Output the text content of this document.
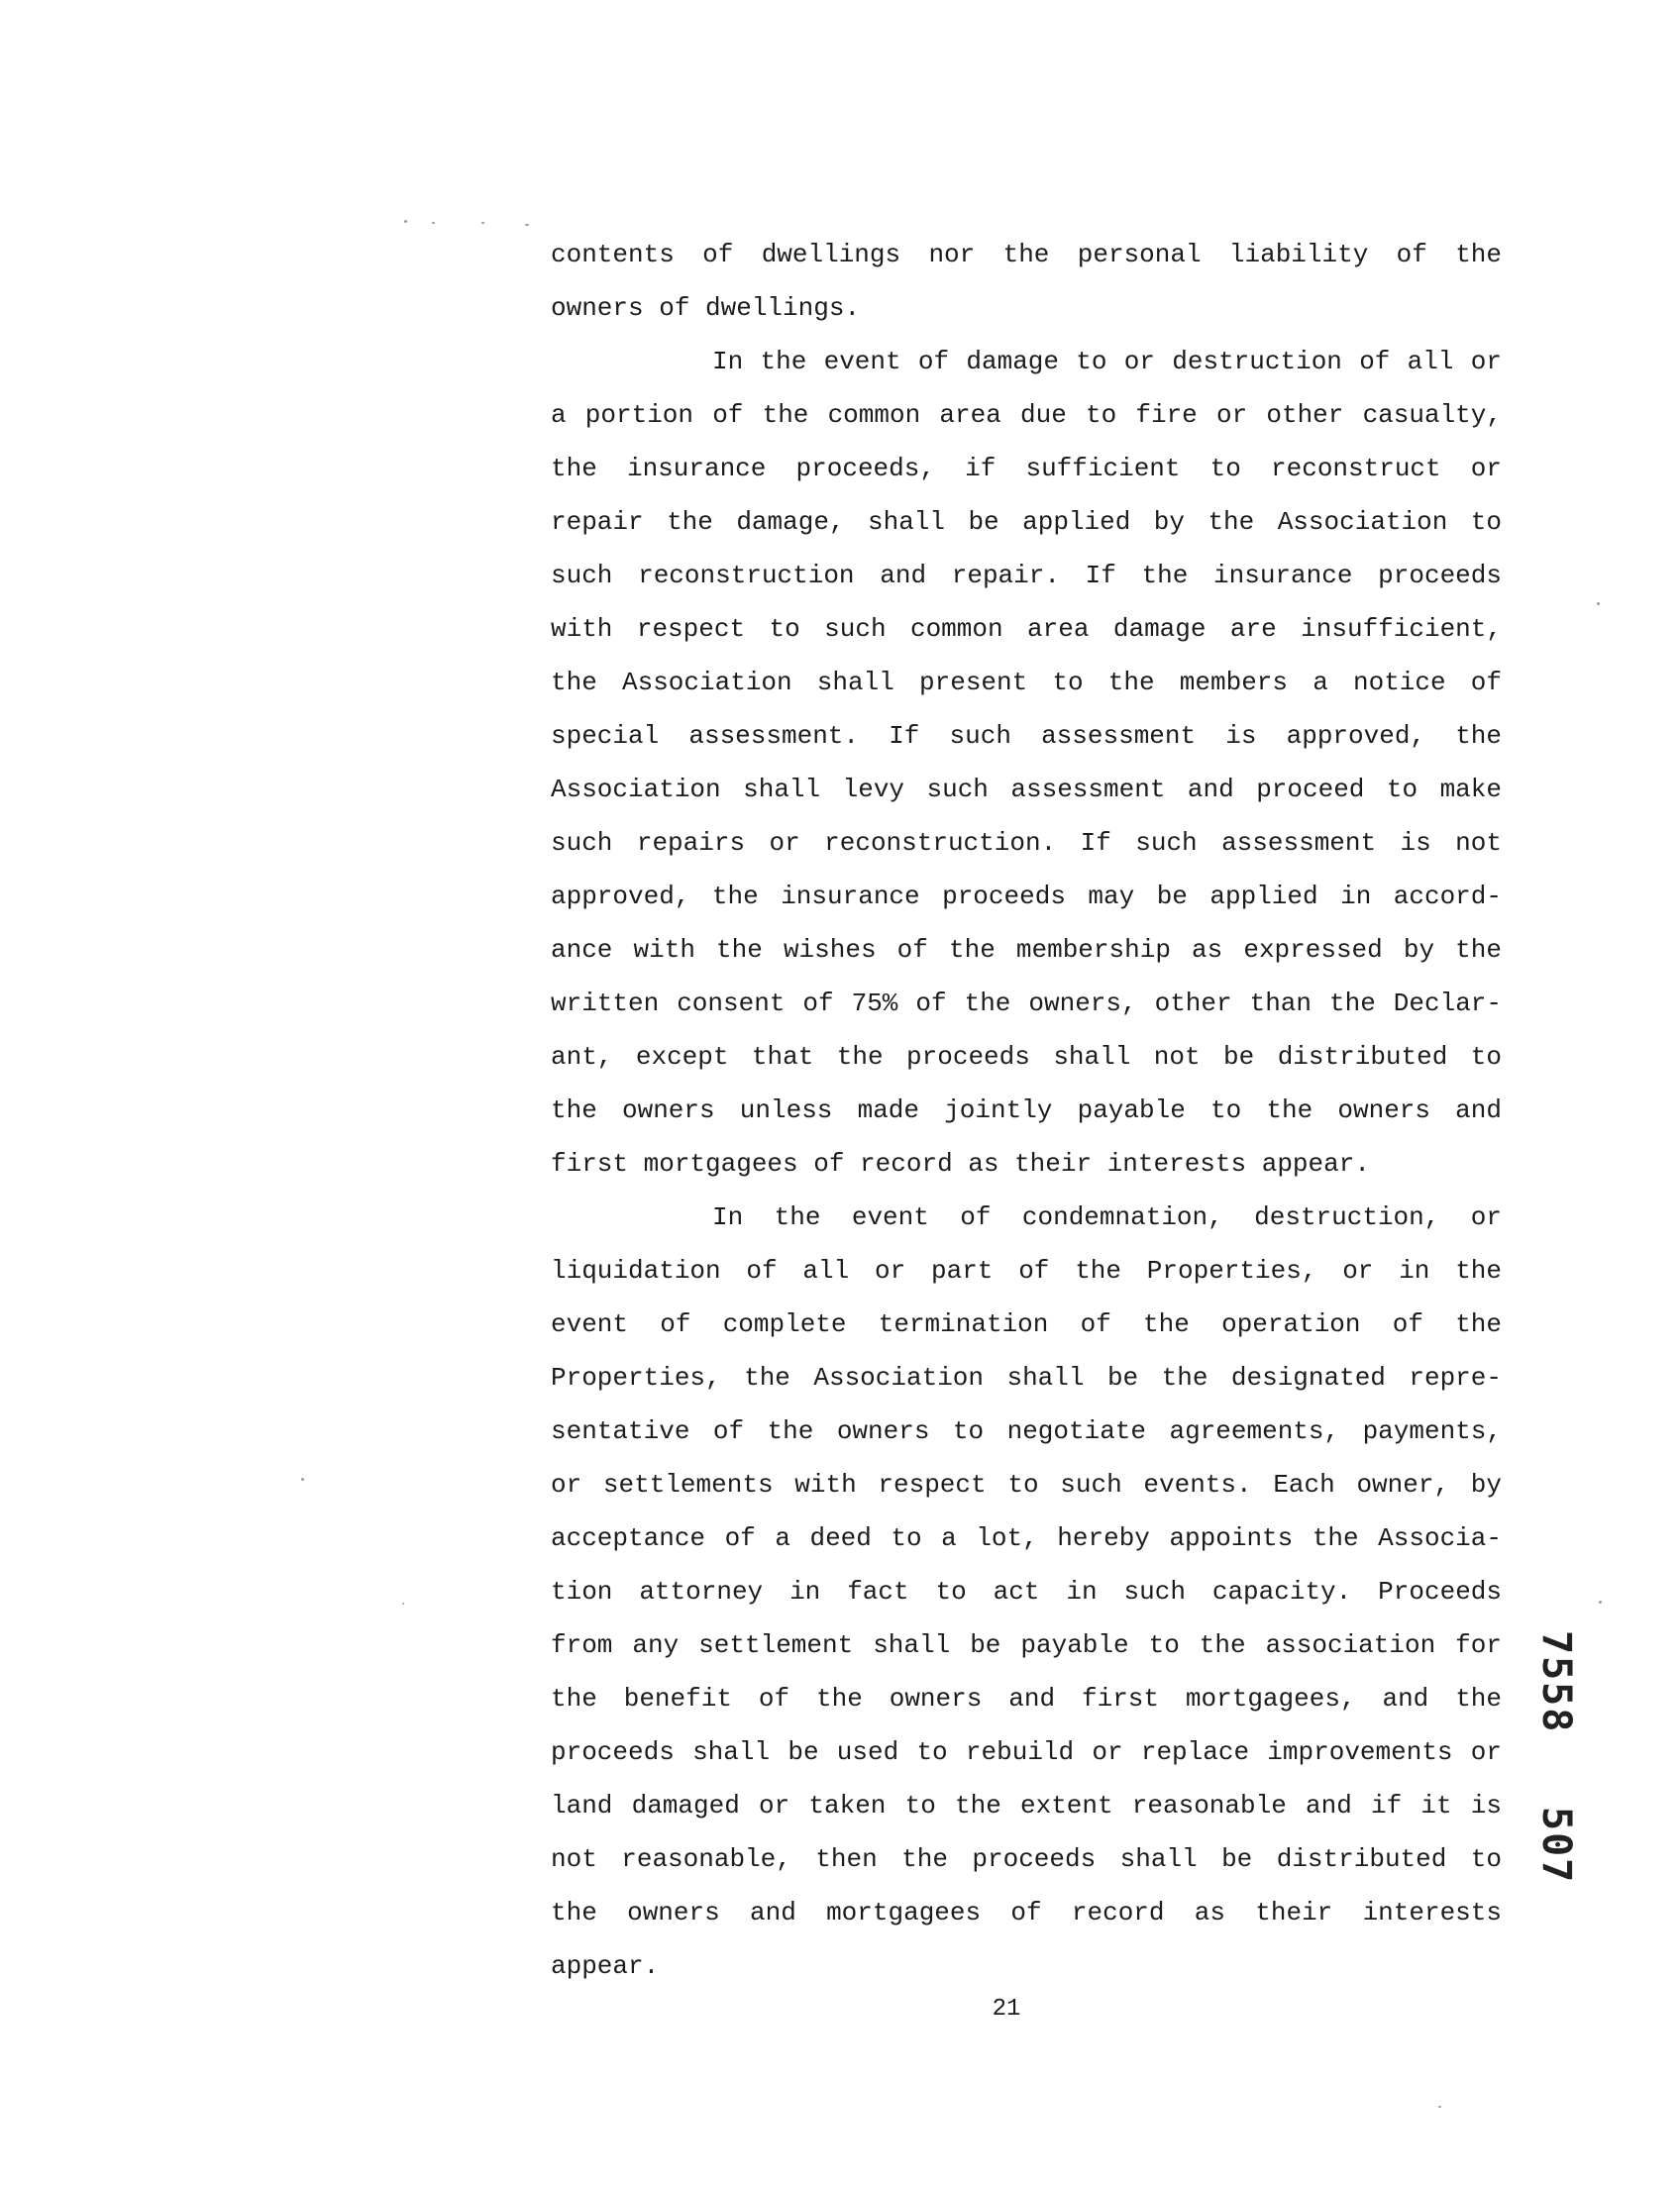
contents of dwellings nor the personal liability of the
owners of dwellings.
In the event of damage to or destruction of all or
a portion of the common area due to fire or other casualty,
the insurance proceeds, if sufficient to reconstruct or
repair the damage, shall be applied by the Association to
such reconstruction and repair. If the insurance proceeds
with respect to such common area damage are insufficient,
the Association shall present to the members a notice of
special assessment. If such assessment is approved, the
Association shall levy such assessment and proceed to make
such repairs or reconstruction. If such assessment is not
approved, the insurance proceeds may be applied in accord-
ance with the wishes of the membership as expressed by the
written consent of 75% of the owners, other than the Declar-
ant, except that the proceeds shall not be distributed to
the owners unless made jointly payable to the owners and
first mortgagees of record as their interests appear.
In the event of condemnation, destruction, or
liquidation of all or part of the Properties, or in the
event of complete termination of the operation of the
Properties, the Association shall be the designated repre-
sentative of the owners to negotiate agreements, payments,
or settlements with respect to such events. Each owner, by
acceptance of a deed to a lot, hereby appoints the Associa-
tion attorney in fact to act in such capacity. Proceeds
from any settlement shall be payable to the association for
the benefit of the owners and first mortgagees, and the
proceeds shall be used to rebuild or replace improvements or
land damaged or taken to the extent reasonable and if it is
not reasonable, then the proceeds shall be distributed to
the owners and mortgagees of record as their interests
appear.
21
7558
507
